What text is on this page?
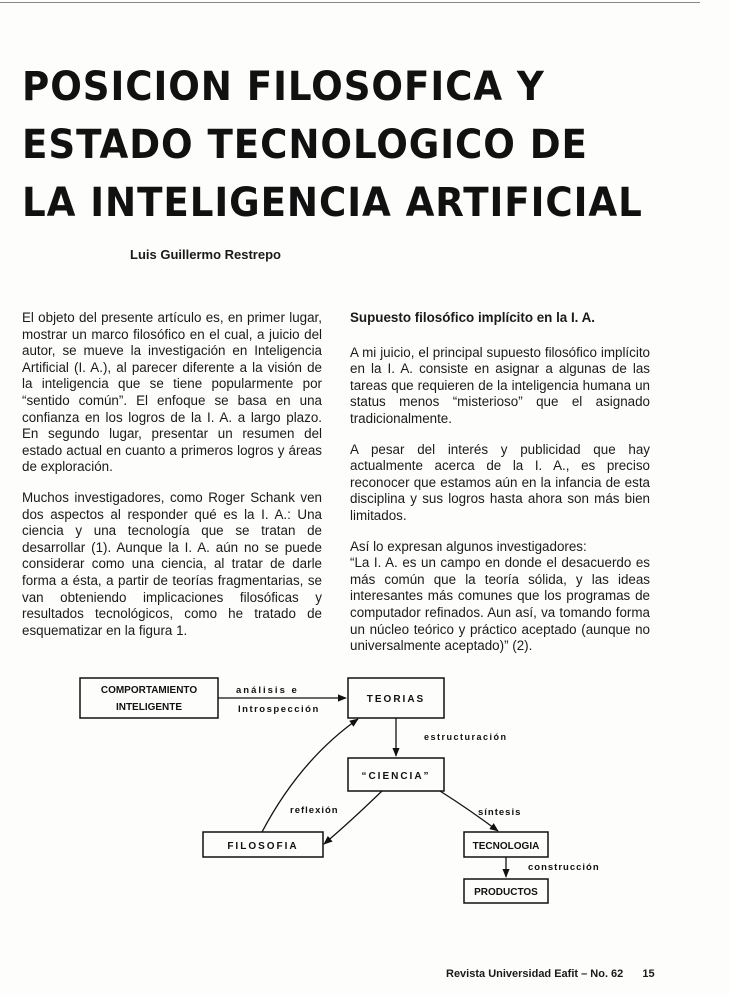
POSICION FILOSOFICA Y
ESTADO TECNOLOGICO DE
LA INTELIGENCIA ARTIFICIAL
Luis Guillermo Restrepo

El objeto del presente artículo es, en primer lugar, mostrar un marco filosófico en el cual, a juicio del autor, se mueve la investigación en Inteligencia Artificial (I. A.), al parecer diferente a la visión de la inteligencia que se tiene popularmente por “sentido común”. El enfoque se basa en una confianza en los logros de la I. A. a largo plazo. En segundo lugar, presentar un resumen del estado actual en cuanto a primeros logros y áreas de exploración.

Muchos investigadores, como Roger Schank ven dos aspectos al responder qué es la I. A.: Una ciencia y una tecnología que se tratan de desarrollar (1). Aunque la I. A. aún no se puede considerar como una ciencia, al tratar de darle forma a ésta, a partir de teorías fragmentarias, se van obteniendo implicaciones filosóficas y resultados tecnológicos, como he tratado de esquematizar en la figura 1.

Supuesto filosófico implícito en la I. A.

A mi juicio, el principal supuesto filosófico implícito en la I. A. consiste en asignar a algunas de las tareas que requieren de la inteligencia humana un status menos “misterioso” que el asignado tradicionalmente.

A pesar del interés y publicidad que hay actualmente acerca de la I. A., es preciso reconocer que estamos aún en la infancia de esta disciplina y sus logros hasta ahora son más bien limitados.

Así lo expresan algunos investigadores:

“La I. A. es un campo en donde el desacuerdo es más común que la teoría sólida, y las ideas interesantes más comunes que los programas de computador refinados. Aun así, va tomando forma un núcleo teórico y práctico aceptado (aunque no universalmente aceptado)” (2).

COMPORTAMIENTO
INTELIGENTE
TEORIAS
“CIENCIA”
FILOSOFIA	TECNOLOGIA
PRODUCTOS
análisis e
Introspección
estructuración
reflexión	síntesis
construcción
Revista Universidad Eafit – No. 62 15
